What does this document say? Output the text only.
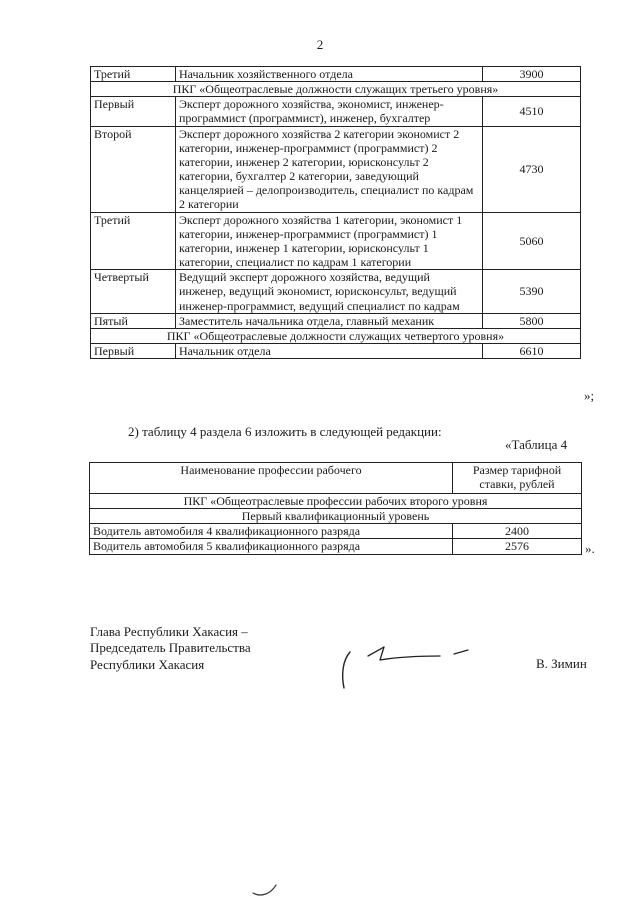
2
Третий	Начальник хозяйственного отдела	3900
ПКГ «Общеотраслевые должности служащих третьего уровня»		
Первый	Эксперт дорожного хозяйства, экономист, инженер-программист (программист), инженер, бухгалтер	4510
Второй	Эксперт дорожного хозяйства 2 категории экономист 2 категории, инженер-программист (программист) 2 категории, инженер 2 категории, юрисконсульт 2 категории, бухгалтер 2 категории, заведующий канцелярией – делопроизводитель, специалист по кадрам 2 категории	4730
Третий	Эксперт дорожного хозяйства 1 категории, экономист 1 категории, инженер-программист (программист) 1 категории, инженер 1 категории, юрисконсульт 1 категории, специалист по кадрам 1 категории	5060
Четвертый	Ведущий эксперт дорожного хозяйства, ведущий инженер, ведущий экономист, юрисконсульт, ведущий инженер-программист, ведущий специалист по кадрам	5390
Пятый	Заместитель начальника отдела, главный механик	5800
ПКГ «Общеотраслевые должности служащих четвертого уровня»		
Первый	Начальник отдела	6610
»;
2) таблицу 4 раздела 6 изложить в следующей редакции:
«Таблица 4
Наименование профессии рабочего	Размер тарифной ставки, рублей
ПКГ «Общеотраслевые профессии рабочих второго уровня	
Первый квалификационный уровень	
Водитель автомобиля 4 квалификационного разряда	2400
Водитель автомобиля 5 квалификационного разряда	2576	».
Глава Республики Хакасия –
Председатель Правительства
Республики Хакасия	В. Зимин
